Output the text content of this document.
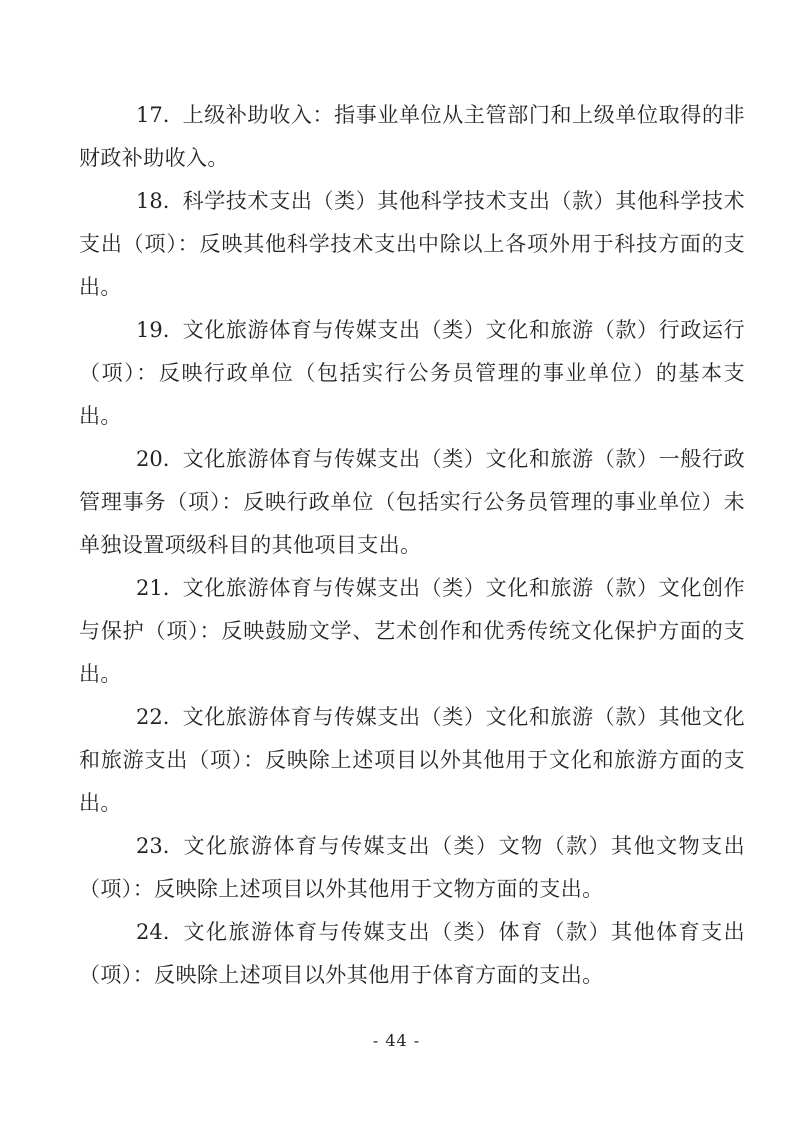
17. 上级补助收入：指事业单位从主管部门和上级单位取得的非财政补助收入。

18. 科学技术支出（类）其他科学技术支出（款）其他科学技术支出（项）：反映其他科学技术支出中除以上各项外用于科技方面的支出。

19. 文化旅游体育与传媒支出（类）文化和旅游（款）行政运行（项）：反映行政单位（包括实行公务员管理的事业单位）的基本支出。

20. 文化旅游体育与传媒支出（类）文化和旅游（款）一般行政管理事务（项）：反映行政单位（包括实行公务员管理的事业单位）未单独设置项级科目的其他项目支出。

21. 文化旅游体育与传媒支出（类）文化和旅游（款）文化创作与保护（项）：反映鼓励文学、艺术创作和优秀传统文化保护方面的支出。

22. 文化旅游体育与传媒支出（类）文化和旅游（款）其他文化和旅游支出（项）：反映除上述项目以外其他用于文化和旅游方面的支出。

23. 文化旅游体育与传媒支出（类）文物（款）其他文物支出（项）：反映除上述项目以外其他用于文物方面的支出。

24. 文化旅游体育与传媒支出（类）体育（款）其他体育支出（项）：反映除上述项目以外其他用于体育方面的支出。

- 44 -
